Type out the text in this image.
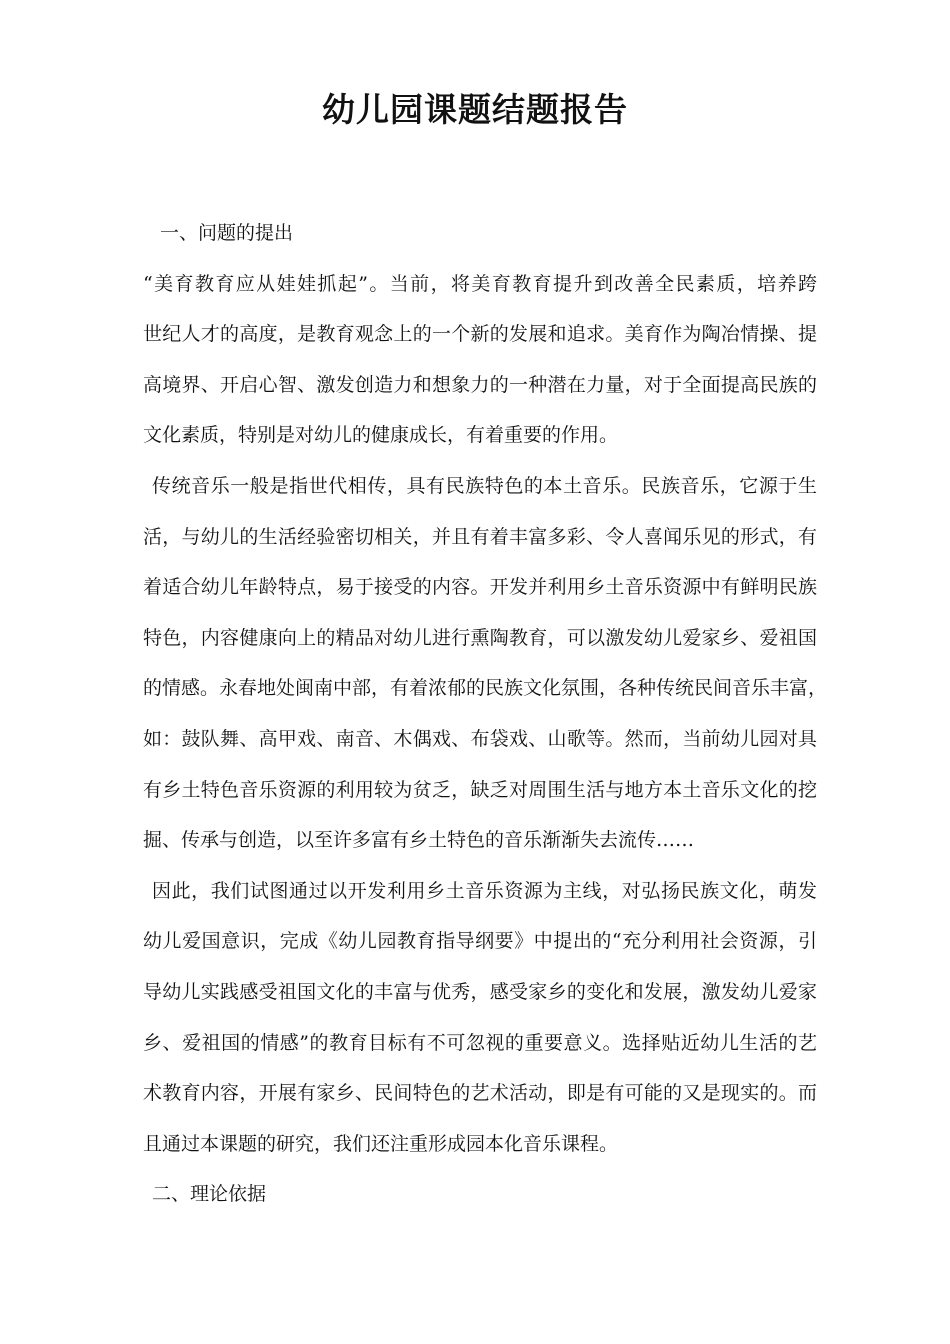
幼儿园课题结题报告
一、问题的提出
“美育教育应从娃娃抓起”。当前，将美育教育提升到改善全民素质，培养跨
世纪人才的高度，是教育观念上的一个新的发展和追求。美育作为陶冶情操、提
高境界、开启心智、激发创造力和想象力的一种潜在力量，对于全面提高民族的
文化素质，特别是对幼儿的健康成长，有着重要的作用。
传统音乐一般是指世代相传，具有民族特色的本土音乐。民族音乐，它源于生
活，与幼儿的生活经验密切相关，并且有着丰富多彩、令人喜闻乐见的形式，有
着适合幼儿年龄特点，易于接受的内容。开发并利用乡土音乐资源中有鲜明民族
特色，内容健康向上的精品对幼儿进行熏陶教育，可以激发幼儿爱家乡、爱祖国
的情感。永春地处闽南中部，有着浓郁的民族文化氛围，各种传统民间音乐丰富，
如：鼓队舞、高甲戏、南音、木偶戏、布袋戏、山歌等。然而，当前幼儿园对具
有乡土特色音乐资源的利用较为贫乏，缺乏对周围生活与地方本土音乐文化的挖
掘、传承与创造，以至许多富有乡土特色的音乐渐渐失去流传……
因此，我们试图通过以开发利用乡土音乐资源为主线，对弘扬民族文化，萌发
幼儿爱国意识，完成《幼儿园教育指导纲要》中提出的“充分利用社会资源，引
导幼儿实践感受祖国文化的丰富与优秀，感受家乡的变化和发展，激发幼儿爱家
乡、爱祖国的情感”的教育目标有不可忽视的重要意义。选择贴近幼儿生活的艺
术教育内容，开展有家乡、民间特色的艺术活动，即是有可能的又是现实的。而
且通过本课题的研究，我们还注重形成园本化音乐课程。
二、理论依据
